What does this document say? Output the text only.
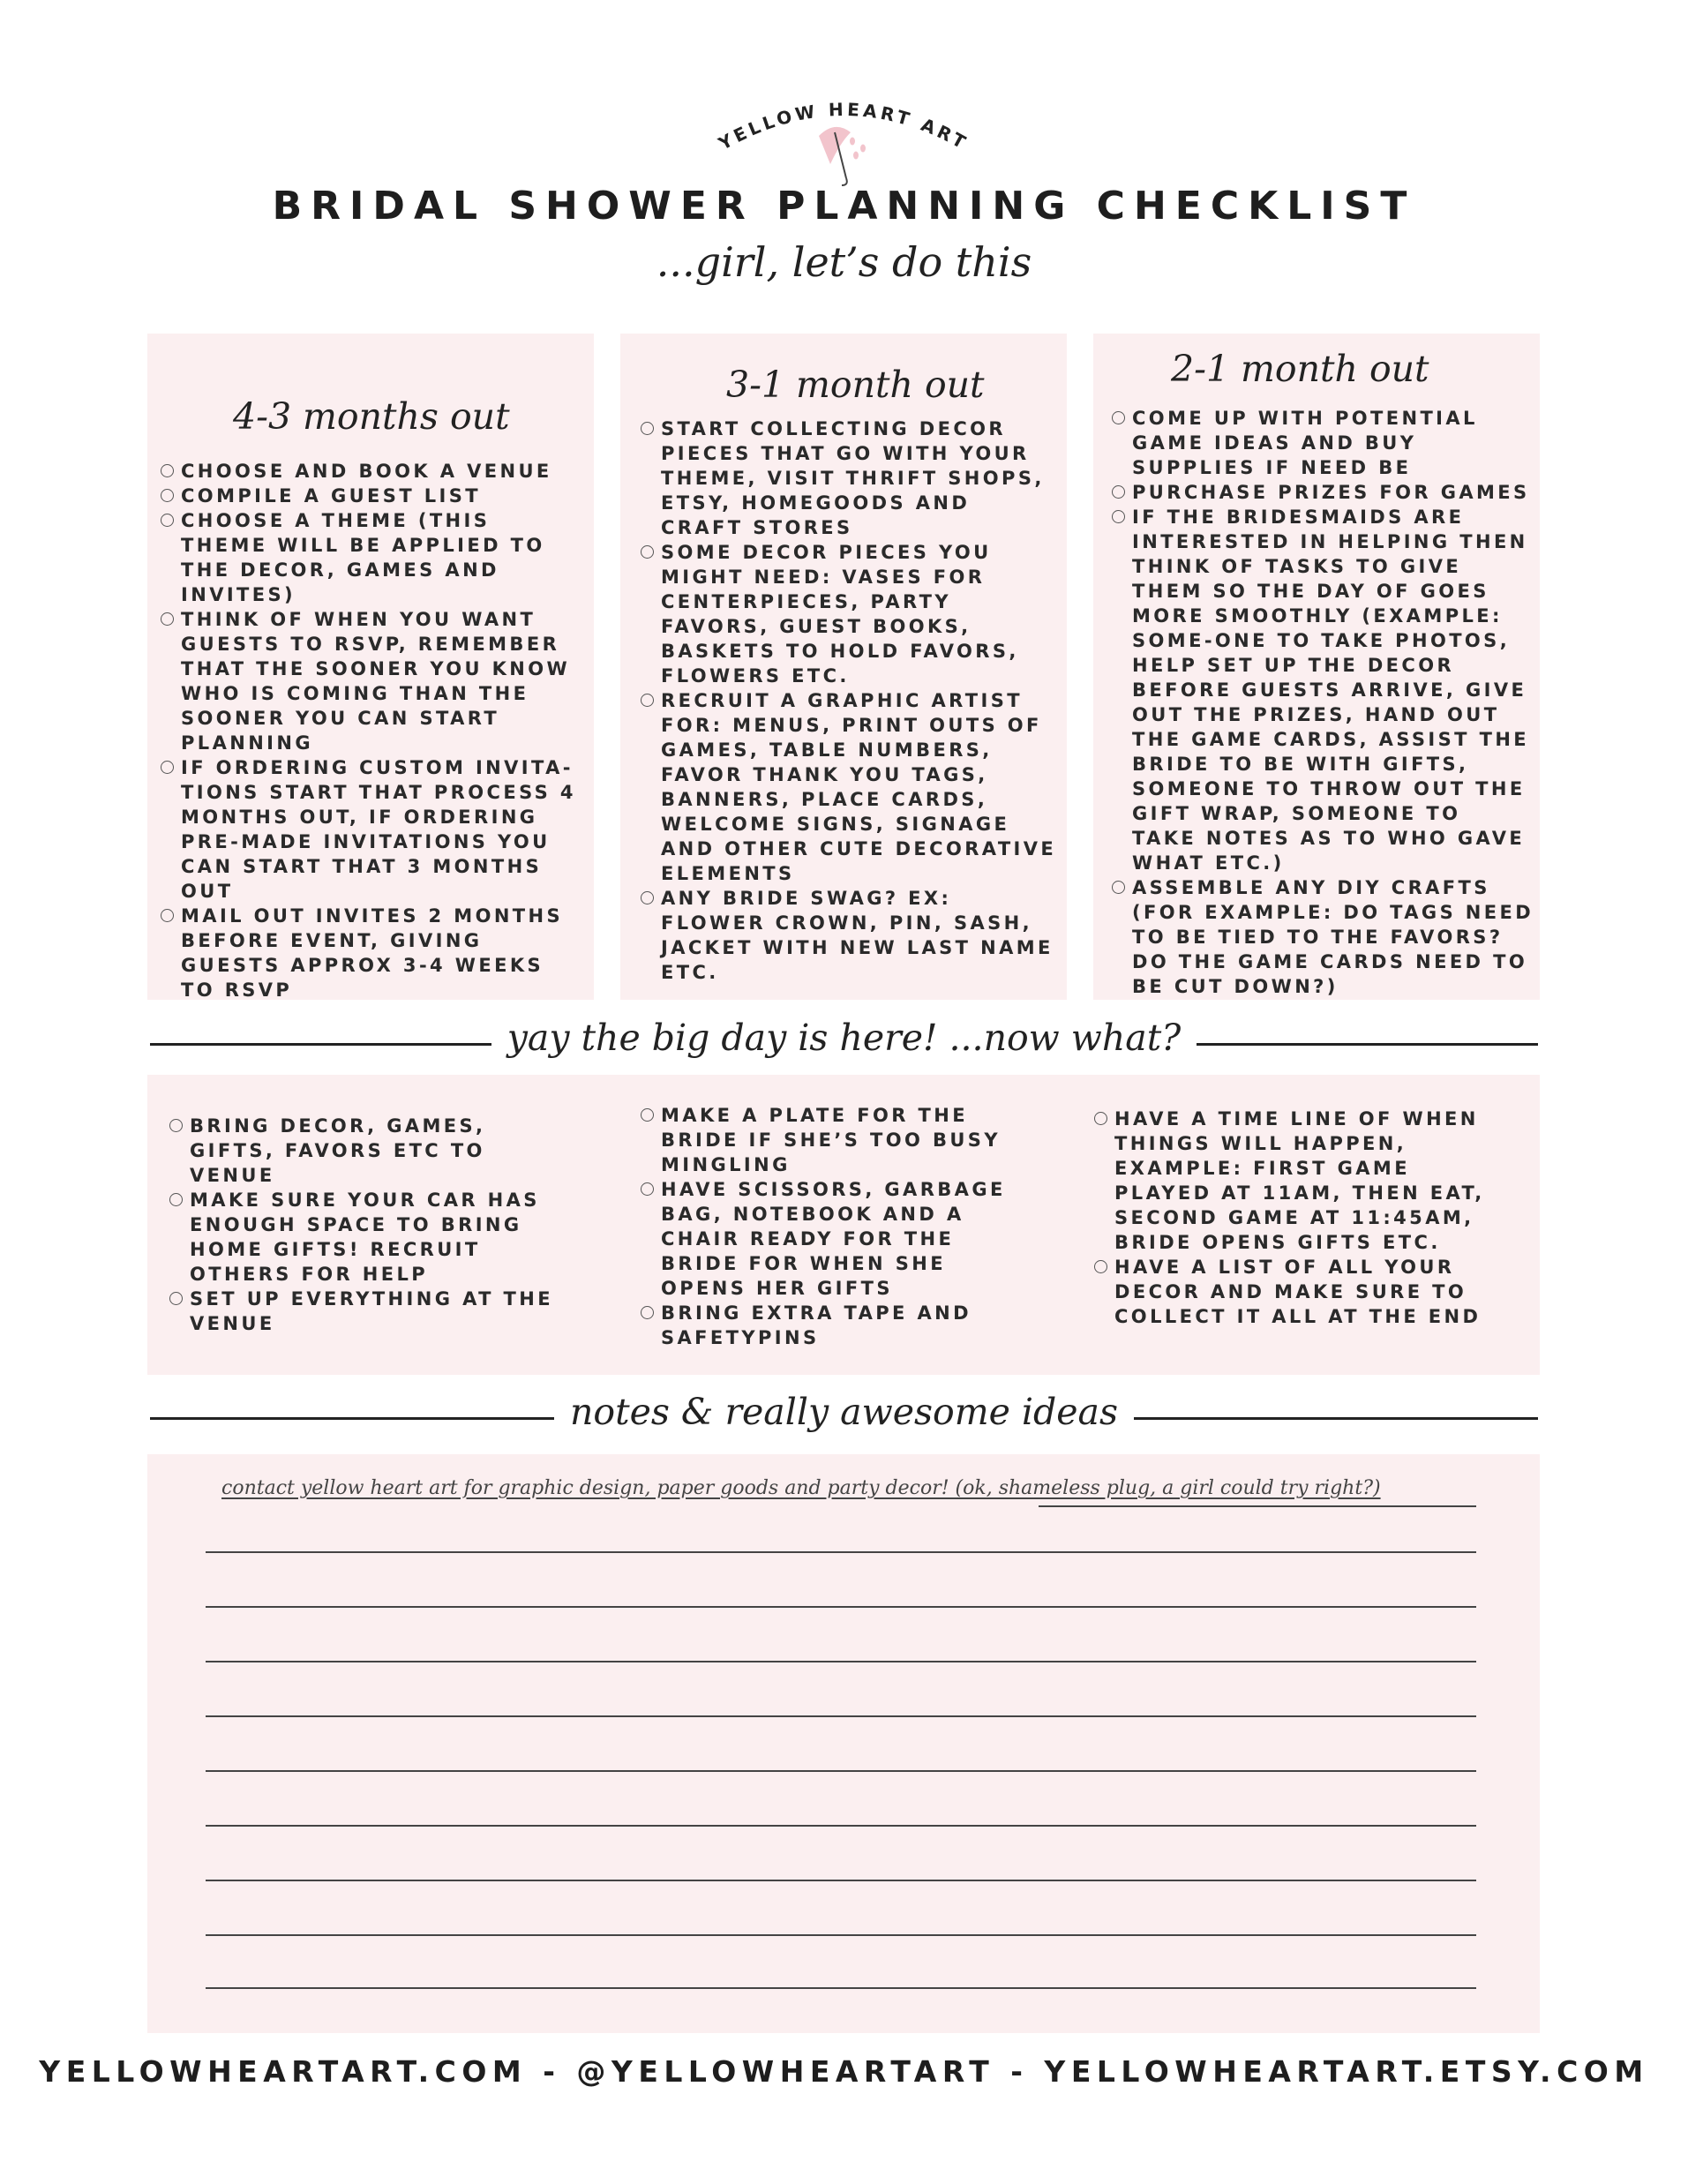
YELLOW HEART ART
BRIDAL SHOWER PLANNING CHECKLIST
...girl, let’s do this
4-3 months out
CHOOSE AND BOOK A VENUE
COMPILE A GUEST LIST
CHOOSE A THEME (THIS THEME WILL BE APPLIED TO THE DECOR, GAMES AND INVITES)
THINK OF WHEN YOU WANT GUESTS TO RSVP, REMEMBER THAT THE SOONER YOU KNOW WHO IS COMING THAN THE SOONER YOU CAN START PLANNING
IF ORDERING CUSTOM INVITA-TIONS START THAT PROCESS 4 MONTHS OUT, IF ORDERING PRE-MADE INVITATIONS YOU CAN START THAT 3 MONTHS OUT
MAIL OUT INVITES 2 MONTHS BEFORE EVENT, GIVING GUESTS APPROX 3-4 WEEKS TO RSVP
3-1 month out
START COLLECTING DECOR PIECES THAT GO WITH YOUR THEME, VISIT THRIFT SHOPS, ETSY, HOMEGOODS AND CRAFT STORES
SOME DECOR PIECES YOU MIGHT NEED: VASES FOR CENTERPIECES, PARTY FAVORS, GUEST BOOKS, BASKETS TO HOLD FAVORS, FLOWERS ETC.
RECRUIT A GRAPHIC ARTIST FOR: MENUS, PRINT OUTS OF GAMES, TABLE NUMBERS, FAVOR THANK YOU TAGS, BANNERS, PLACE CARDS, WELCOME SIGNS, SIGNAGE AND OTHER CUTE DECORATIVE ELEMENTS
ANY BRIDE SWAG? EX: FLOWER CROWN, PIN, SASH, JACKET WITH NEW LAST NAME ETC.
2-1 month out
COME UP WITH POTENTIAL GAME IDEAS AND BUY SUPPLIES IF NEED BE
PURCHASE PRIZES FOR GAMES
IF THE BRIDESMAIDS ARE INTERESTED IN HELPING THEN THINK OF TASKS TO GIVE THEM SO THE DAY OF GOES MORE SMOOTHLY (EXAMPLE: SOME-ONE TO TAKE PHOTOS, HELP SET UP THE DECOR BEFORE GUESTS ARRIVE, GIVE OUT THE PRIZES, HAND OUT THE GAME CARDS, ASSIST THE BRIDE TO BE WITH GIFTS, SOMEONE TO THROW OUT THE GIFT WRAP, SOMEONE TO TAKE NOTES AS TO WHO GAVE WHAT ETC.)
ASSEMBLE ANY DIY CRAFTS (FOR EXAMPLE: DO TAGS NEED TO BE TIED TO THE FAVORS? DO THE GAME CARDS NEED TO BE CUT DOWN?)
yay the big day is here! ...now what?
BRING DECOR, GAMES, GIFTS, FAVORS ETC TO VENUE
MAKE SURE YOUR CAR HAS ENOUGH SPACE TO BRING HOME GIFTS! RECRUIT OTHERS FOR HELP
SET UP EVERYTHING AT THE VENUE
MAKE A PLATE FOR THE BRIDE IF SHE’S TOO BUSY MINGLING
HAVE SCISSORS, GARBAGE BAG, NOTEBOOK AND A CHAIR READY FOR THE BRIDE FOR WHEN SHE OPENS HER GIFTS
BRING EXTRA TAPE AND SAFETYPINS
HAVE A TIME LINE OF WHEN THINGS WILL HAPPEN, EXAMPLE: FIRST GAME PLAYED AT 11AM, THEN EAT, SECOND GAME AT 11:45AM, BRIDE OPENS GIFTS ETC.
HAVE A LIST OF ALL YOUR DECOR AND MAKE SURE TO COLLECT IT ALL AT THE END
notes & really awesome ideas
contact yellow heart art for graphic design, paper goods and party decor! (ok, shameless plug, a girl could try right?)
YELLOWHEARTART.COM - @YELLOWHEARTART - YELLOWHEARTART.ETSY.COM
